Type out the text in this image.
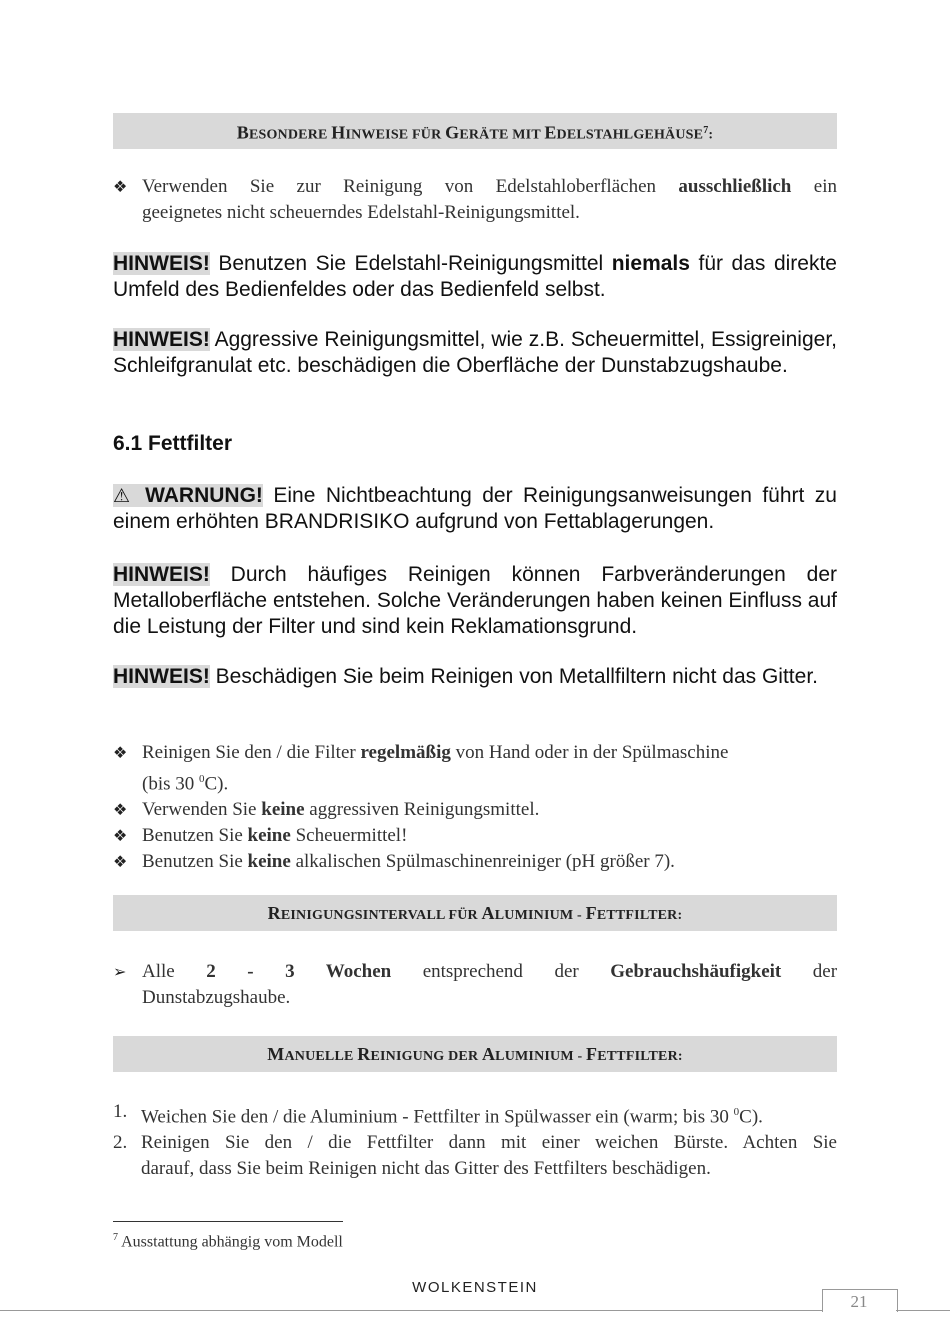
BESONDERE HINWEISE FÜR GERÄTE MIT EDELSTAHLGEHÄUSE$^7$:
❖ Verwenden Sie zur Reinigung von Edelstahloberflächen ausschließlich ein
geeignetes nicht scheuerndes Edelstahl-Reinigungsmittel.
HINWEIS! Benutzen Sie Edelstahl-Reinigungsmittel niemals für das direkte Umfeld des Bedienfeldes oder das Bedienfeld selbst.
HINWEIS! Aggressive Reinigungsmittel, wie z.B. Scheuermittel, Essigreiniger, Schleifgranulat etc. beschädigen die Oberfläche der Dunstabzugshaube.
6.1 Fettfilter
⚠ WARNUNG! Eine Nichtbeachtung der Reinigungsanweisungen führt zu einem erhöhten BRANDRISIKO aufgrund von Fettablagerungen.
HINWEIS! Durch häufiges Reinigen können Farbveränderungen der Metalloberfläche entstehen. Solche Veränderungen haben keinen Einfluss auf die Leistung der Filter und sind kein Reklamationsgrund.
HINWEIS! Beschädigen Sie beim Reinigen von Metallfiltern nicht das Gitter.
❖ Reinigen Sie den / die Filter regelmäßig von Hand oder in der Spülmaschine
(bis 30 $^0$C).
❖ Verwenden Sie keine aggressiven Reinigungsmittel.
❖ Benutzen Sie keine Scheuermittel!
❖ Benutzen Sie keine alkalischen Spülmaschinenreiniger (pH größer 7).
REINIGUNGSINTERVALL FÜR ALUMINIUM - FETTFILTER:
➢ Alle 2 - 3 Wochen entsprechend der Gebrauchshäufigkeit der
Dunstabzugshaube.
MANUELLE REINIGUNG DER ALUMINIUM - FETTFILTER:
1. Weichen Sie den / die Aluminium - Fettfilter in Spülwasser ein (warm; bis 30 $^0$C).
2. Reinigen Sie den / die Fettfilter dann mit einer weichen Bürste. Achten Sie
darauf, dass Sie beim Reinigen nicht das Gitter des Fettfilters beschädigen.
$^7$ Ausstattung abhängig vom Modell
WOLKENSTEIN
21
